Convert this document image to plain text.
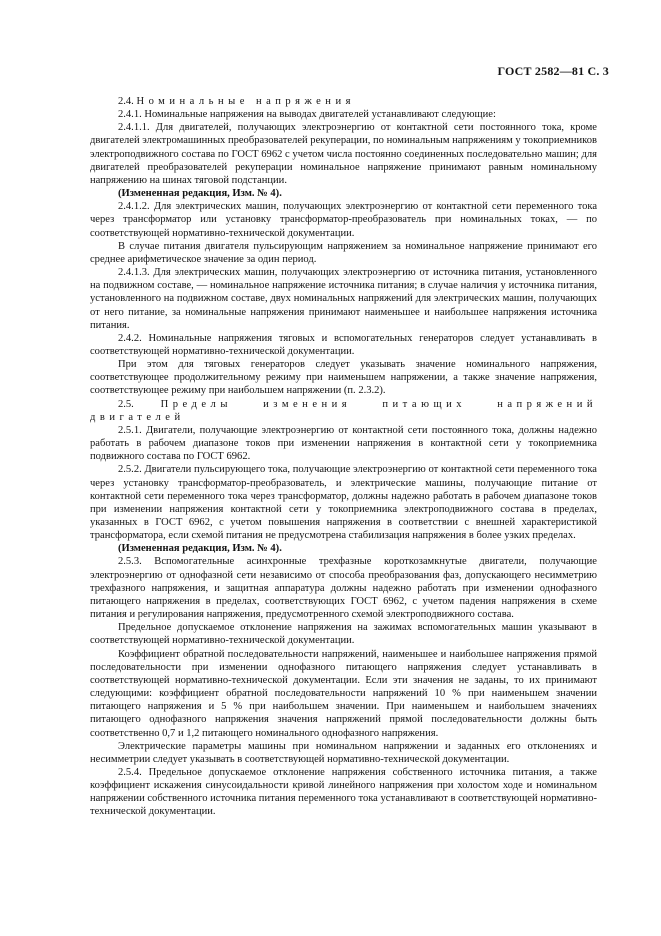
ГОСТ 2582—81 С. 3

2.4. Номинальные напряжения

2.4.1. Номинальные напряжения на выводах двигателей устанавливают следующие:

2.4.1.1. Для двигателей, получающих электроэнергию от контактной сети постоянного тока, кроме двигателей электромашинных преобразователей рекуперации, по номинальным напряжениям у токоприемников электроподвижного состава по ГОСТ 6962 с учетом числа постоянно соединенных последовательно машин; для двигателей преобразователей рекуперации номинальное напряжение принимают равным номинальному напряжению на шинах тяговой подстанции.

(Измененная редакция, Изм. № 4).

2.4.1.2. Для электрических машин, получающих электроэнергию от контактной сети переменного тока через трансформатор или установку трансформатор-преобразователь при номинальных токах, — по соответствующей нормативно-технической документации.

В случае питания двигателя пульсирующим напряжением за номинальное напряжение принимают его среднее арифметическое значение за один период.

2.4.1.3. Для электрических машин, получающих электроэнергию от источника питания, установленного на подвижном составе, — номинальное напряжение источника питания; в случае наличия у источника питания, установленного на подвижном составе, двух номинальных напряжений для электрических машин, получающих от него питание, за номинальные напряжения принимают наименьшее и наибольшее напряжения источника питания.

2.4.2. Номинальные напряжения тяговых и вспомогательных генераторов следует устанавливать в соответствующей нормативно-технической документации.

При этом для тяговых генераторов следует указывать значение номинального напряжения, соответствующее продолжительному режиму при наименьшем напряжении, а также значение напряжения, соответствующее режиму при наибольшем напряжении (п. 2.3.2).

2.5.	Пределы изменения питающих напряжений двигателей

2.5.1. Двигатели, получающие электроэнергию от контактной сети постоянного тока, должны надежно работать в рабочем диапазоне токов при изменении напряжения в контактной сети у токоприемника подвижного состава по ГОСТ 6962.

2.5.2. Двигатели пульсирующего тока, получающие электроэнергию от контактной сети переменного тока через установку трансформатор-преобразователь, и электрические машины, получающие питание от контактной сети переменного тока через трансформатор, должны надежно работать в рабочем диапазоне токов при изменении напряжения контактной сети у токоприемника электроподвижного состава в пределах, указанных в ГОСТ 6962, с учетом повышения напряжения в соответствии с внешней характеристикой трансформатора, если схемой питания не предусмотрена стабилизация напряжения в более узких пределах.

(Измененная редакция, Изм. № 4).

2.5.3. Вспомогательные асинхронные трехфазные короткозамкнутые двигатели, получающие электроэнергию от однофазной сети независимо от способа преобразования фаз, допускающего несимметрию трехфазного напряжения, и защитная аппаратура должны надежно работать при изменении однофазного питающего напряжения в пределах, соответствующих ГОСТ 6962, с учетом падения напряжения в схеме питания и регулирования напряжения, предусмотренного схемой электроподвижного состава.

Предельное допускаемое отклонение напряжения на зажимах вспомогательных машин указывают в соответствующей нормативно-технической документации.

Коэффициент обратной последовательности напряжений, наименьшее и наибольшее напряжения прямой последовательности при изменении однофазного питающего напряжения следует устанавливать в соответствующей нормативно-технической документации. Если эти значения не заданы, то их принимают следующими: коэффициент обратной последовательности напряжений 10 % при наименьшем значении питающего напряжения и 5 % при наибольшем значении. При наименьшем и наибольшем значениях питающего однофазного напряжения значения напряжений прямой последовательности должны быть соответственно 0,7 и 1,2 питающего номинального однофазного напряжения.

Электрические параметры машины при номинальном напряжении и заданных его отклонениях и несимметрии следует указывать в соответствующей нормативно-технической документации.

2.5.4. Предельное допускаемое отклонение напряжения собственного источника питания, а также коэффициент искажения синусоидальности кривой линейного напряжения при холостом ходе и номинальном напряжении собственного источника питания переменного тока устанавливают в соответствующей нормативно-технической документации.
